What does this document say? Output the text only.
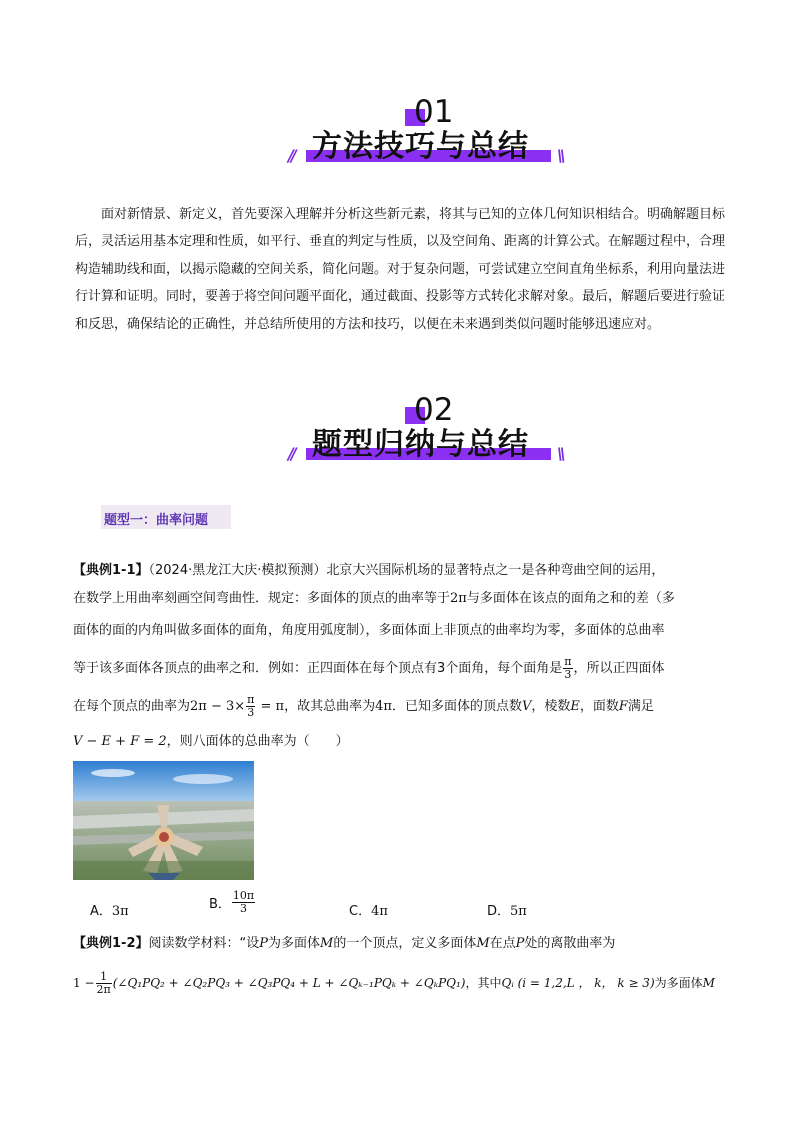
01
方法技巧与总结
//	\\
面对新情景、新定义，首先要深入理解并分析这些新元素，将其与已知的立体几何知识相结合。明确解题目标后，灵活运用基本定理和性质，如平行、垂直的判定与性质，以及空间角、距离的计算公式。在解题过程中，合理构造辅助线和面，以揭示隐藏的空间关系，简化问题。对于复杂问题，可尝试建立空间直角坐标系，利用向量法进行计算和证明。同时，要善于将空间问题平面化，通过截面、投影等方式转化求解对象。最后，解题后要进行验证和反思，确保结论的正确性，并总结所使用的方法和技巧，以便在未来遇到类似问题时能够迅速应对。
02
题型归纳与总结
//	\\
题型一：曲率问题
【典例1-1】（2024·黑龙江大庆·模拟预测）北京大兴国际机场的显著特点之一是各种弯曲空间的运用，
在数学上用曲率刻画空间弯曲性．规定：多面体的顶点的曲率等于2π与多面体在该点的面角之和的差（多
面体的面的内角叫做多面体的面角，角度用弧度制），多面体面上非顶点的曲率均为零，多面体的总曲率
等于该多面体各顶点的曲率之和．例如：正四面体在每个顶点有3个面角，每个面角是 $\frac{\pi}{3}$ ，所以正四面体
在每个顶点的曲率为$2\pi - 3\times \frac{\pi}{3} = \pi$，故其总曲率为4π．已知多面体的顶点数V，棱数E，面数F满足
V − E + F = 2，则八面体的总曲率为（　　）
A．3π	B． $\frac{10\pi}{3}$	C．4π	D．5π
【典例1-2】阅读数学材料：“设P为多面体M的一个顶点，定义多面体M在点P处的离散曲率为
$1 - \frac{1}{2\pi}$ (∠Q₁PQ₂ + ∠Q₂PQ₃ + ∠Q₃PQ₄ + L + ∠Qₖ₋₁PQₖ + ∠QₖPQ₁)，其中Qᵢ (i = 1,2,L ， k， k ≥ 3)为多面体M
